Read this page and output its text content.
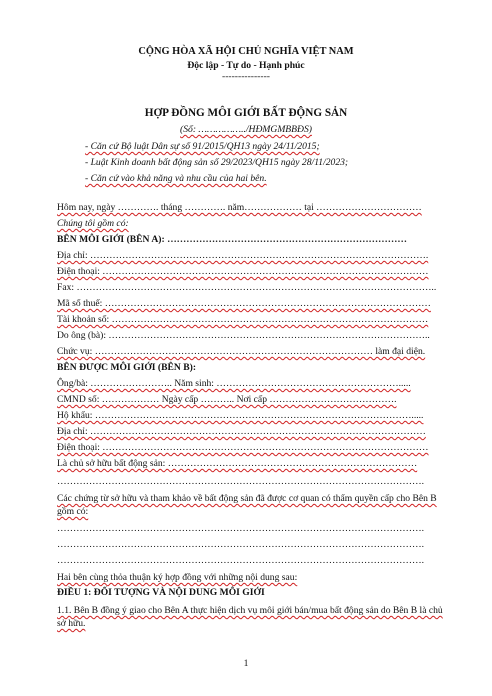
CỘNG HÒA XÃ HỘI CHỦ NGHĨA VIỆT NAM
Độc lập - Tự do - Hạnh phúc
---------------
HỢP ĐỒNG MÔI GIỚI BẤT ĐỘNG SẢN
(Số: ……………../HĐMGMBBĐS)
- Căn cứ Bộ luật Dân sự số 91/2015/QH13 ngày 24/11/2015;
- Luật Kinh doanh bất động sản số 29/2023/QH15 ngày 28/11/2023;
- Căn cứ vào khả năng và nhu cầu của hai bên.
Hôm nay, ngày …………. tháng …………. năm……………… tại ……………………………
Chúng tôi gồm có:
BÊN MÔI GIỚI (BÊN A): …………………………………………………………………
Địa chỉ: …………………………………………………………………………………………….
Điện thoại: …………………………………………………………………………………………
Fax: …………………………………………………………………………………………………..
Mã số thuế: …………………………………………………………………………………………
Tài khoản số: ………………………………………………………………………………………
Do ông (bà): ………………………………………………………………………………………..
Chức vụ: …………………………………………………………………………… làm đại diện.
BÊN ĐƯỢC MÔI GIỚI (BÊN B):
Ông/bà: …………………….. Năm sinh: ………………………………………………….....
CMND số: ……………… Ngày cấp ……….. Nơi cấp ………………………………….
Hộ khẩu: ……………………………………………………………………………………….....
Địa chỉ: ……………………………………………………………………………………………
Điện thoại: …………………………………………………………………………………………
Là chủ sở hữu bất động sản: ……………………………………………………………………
…………………………………………………………………………………………………….
Các chứng từ sở hữu và tham khảo về bất động sản đã được cơ quan có thẩm quyền cấp cho Bên B gồm có:
…………………………………………………………………………………………………….
…………………………………………………………………………………………………….
…………………………………………………………………………………………………….
Hai bên cùng thỏa thuận ký hợp đồng với những nội dung sau:
ĐIỀU 1: ĐỐI TƯỢNG VÀ NỘI DUNG MÔI GIỚI
1.1. Bên B đồng ý giao cho Bên A thực hiện dịch vụ môi giới bán/mua bất động sản do Bên B là chủ sở hữu.
1
